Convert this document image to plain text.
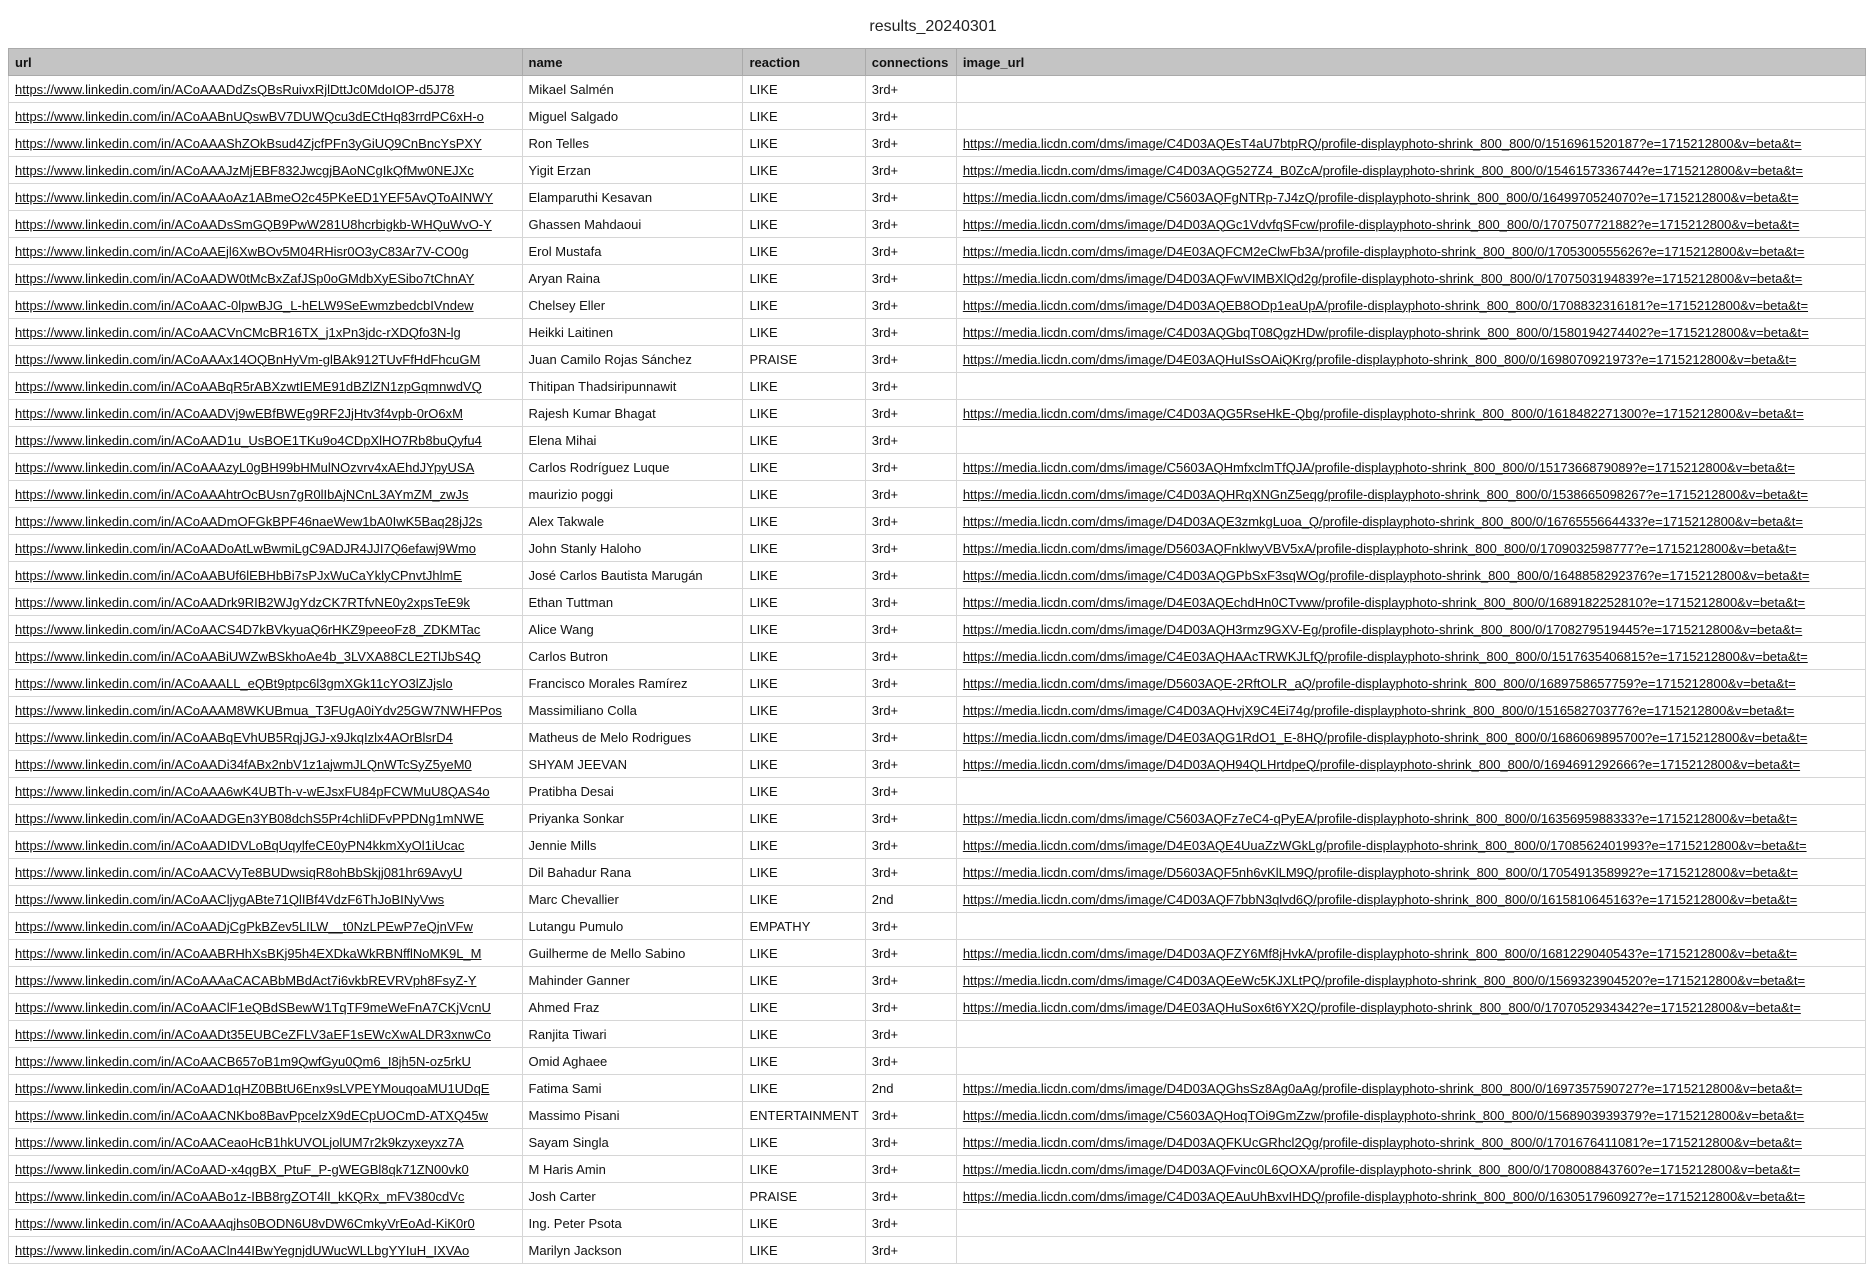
results_20240301
url	name	reaction	connections	image_url
https://www.linkedin.com/in/ACoAAADdZsQBsRuivxRjlDttJc0MdoIOP-d5J78	Mikael Salmén	LIKE	3rd+	
https://www.linkedin.com/in/ACoAABnUQswBV7DUWQcu3dECtHq83rrdPC6xH-o	Miguel Salgado	LIKE	3rd+	
https://www.linkedin.com/in/ACoAAAShZOkBsud4ZjcfPFn3yGiUQ9CnBncYsPXY	Ron Telles	LIKE	3rd+	https://media.licdn.com/dms/image/C4D03AQEsT4aU7btpRQ/profile-displayphoto-shrink_800_800/0/1516961520187?e=1715212800&v=beta&t=
https://www.linkedin.com/in/ACoAAAJzMjEBF832JwcgjBAoNCgIkQfMw0NEJXc	Yigit Erzan	LIKE	3rd+	https://media.licdn.com/dms/image/C4D03AQG527Z4_B0ZcA/profile-displayphoto-shrink_800_800/0/1546157336744?e=1715212800&v=beta&t=
https://www.linkedin.com/in/ACoAAAoAz1ABmeO2c45PKeED1YEF5AvQToAINWY	Elamparuthi Kesavan	LIKE	3rd+	https://media.licdn.com/dms/image/C5603AQFgNTRp-7J4zQ/profile-displayphoto-shrink_800_800/0/1649970524070?e=1715212800&v=beta&t=
https://www.linkedin.com/in/ACoAADsSmGQB9PwW281U8hcrbigkb-WHQuWvO-Y	Ghassen Mahdaoui	LIKE	3rd+	https://media.licdn.com/dms/image/D4D03AQGc1VdvfqSFcw/profile-displayphoto-shrink_800_800/0/1707507721882?e=1715212800&v=beta&t=
https://www.linkedin.com/in/ACoAAEjl6XwBOv5M04RHisr0O3yC83Ar7V-CO0g	Erol Mustafa	LIKE	3rd+	https://media.licdn.com/dms/image/D4E03AQFCM2eClwFb3A/profile-displayphoto-shrink_800_800/0/1705300555626?e=1715212800&v=beta&t=
https://www.linkedin.com/in/ACoAADW0tMcBxZafJSp0oGMdbXyESibo7tChnAY	Aryan Raina	LIKE	3rd+	https://media.licdn.com/dms/image/D4D03AQFwVIMBXlQd2g/profile-displayphoto-shrink_800_800/0/1707503194839?e=1715212800&v=beta&t=
https://www.linkedin.com/in/ACoAAC-0lpwBJG_L-hELW9SeEwmzbedcbIVndew	Chelsey Eller	LIKE	3rd+	https://media.licdn.com/dms/image/D4D03AQEB8ODp1eaUpA/profile-displayphoto-shrink_800_800/0/1708832316181?e=1715212800&v=beta&t=
https://www.linkedin.com/in/ACoAACVnCMcBR16TX_j1xPn3jdc-rXDQfo3N-lg	Heikki Laitinen	LIKE	3rd+	https://media.licdn.com/dms/image/C4D03AQGbqT08QgzHDw/profile-displayphoto-shrink_800_800/0/1580194274402?e=1715212800&v=beta&t=
https://www.linkedin.com/in/ACoAAAx14OQBnHyVm-glBAk912TUvFfHdFhcuGM	Juan Camilo Rojas Sánchez	PRAISE	3rd+	https://media.licdn.com/dms/image/D4E03AQHuISsOAiQKrg/profile-displayphoto-shrink_800_800/0/1698070921973?e=1715212800&v=beta&t=
https://www.linkedin.com/in/ACoAABqR5rABXzwtIEME91dBZlZN1zpGqmnwdVQ	Thitipan Thadsiripunnawit	LIKE	3rd+	
https://www.linkedin.com/in/ACoAADVj9wEBfBWEg9RF2JjHtv3f4vpb-0rO6xM	Rajesh Kumar Bhagat	LIKE	3rd+	https://media.licdn.com/dms/image/C4D03AQG5RseHkE-Qbg/profile-displayphoto-shrink_800_800/0/1618482271300?e=1715212800&v=beta&t=
https://www.linkedin.com/in/ACoAAD1u_UsBOE1TKu9o4CDpXlHO7Rb8buQyfu4	Elena Mihai	LIKE	3rd+	
https://www.linkedin.com/in/ACoAAAzyL0gBH99bHMulNOzvrv4xAEhdJYpyUSA	Carlos Rodríguez Luque	LIKE	3rd+	https://media.licdn.com/dms/image/C5603AQHmfxclmTfQJA/profile-displayphoto-shrink_800_800/0/1517366879089?e=1715212800&v=beta&t=
https://www.linkedin.com/in/ACoAAAhtrOcBUsn7gR0lIbAjNCnL3AYmZM_zwJs	maurizio poggi	LIKE	3rd+	https://media.licdn.com/dms/image/C4D03AQHRqXNGnZ5eqg/profile-displayphoto-shrink_800_800/0/1538665098267?e=1715212800&v=beta&t=
https://www.linkedin.com/in/ACoAADmOFGkBPF46naeWew1bA0IwK5Baq28jJ2s	Alex Takwale	LIKE	3rd+	https://media.licdn.com/dms/image/D4D03AQE3zmkgLuoa_Q/profile-displayphoto-shrink_800_800/0/1676555664433?e=1715212800&v=beta&t=
https://www.linkedin.com/in/ACoAADoAtLwBwmiLgC9ADJR4JJI7Q6efawj9Wmo	John Stanly Haloho	LIKE	3rd+	https://media.licdn.com/dms/image/D5603AQFnklwyVBV5xA/profile-displayphoto-shrink_800_800/0/1709032598777?e=1715212800&v=beta&t=
https://www.linkedin.com/in/ACoAABUf6lEBHbBi7sPJxWuCaYklyCPnvtJhlmE	José Carlos Bautista Marugán	LIKE	3rd+	https://media.licdn.com/dms/image/C4D03AQGPbSxF3sqWOg/profile-displayphoto-shrink_800_800/0/1648858292376?e=1715212800&v=beta&t=
https://www.linkedin.com/in/ACoAADrk9RIB2WJgYdzCK7RTfvNE0y2xpsTeE9k	Ethan Tuttman	LIKE	3rd+	https://media.licdn.com/dms/image/D4E03AQEchdHn0CTvww/profile-displayphoto-shrink_800_800/0/1689182252810?e=1715212800&v=beta&t=
https://www.linkedin.com/in/ACoAACS4D7kBVkyuaQ6rHKZ9peeoFz8_ZDKMTac	Alice Wang	LIKE	3rd+	https://media.licdn.com/dms/image/D4D03AQH3rmz9GXV-Eg/profile-displayphoto-shrink_800_800/0/1708279519445?e=1715212800&v=beta&t=
https://www.linkedin.com/in/ACoAABiUWZwBSkhoAe4b_3LVXA88CLE2TlJbS4Q	Carlos Butron	LIKE	3rd+	https://media.licdn.com/dms/image/C4E03AQHAAcTRWKJLfQ/profile-displayphoto-shrink_800_800/0/1517635406815?e=1715212800&v=beta&t=
https://www.linkedin.com/in/ACoAAALL_eQBt9ptpc6l3gmXGk11cYO3lZJjslo	Francisco Morales Ramírez	LIKE	3rd+	https://media.licdn.com/dms/image/D5603AQE-2RftOLR_aQ/profile-displayphoto-shrink_800_800/0/1689758657759?e=1715212800&v=beta&t=
https://www.linkedin.com/in/ACoAAAM8WKUBmua_T3FUgA0iYdv25GW7NWHFPos	Massimiliano Colla	LIKE	3rd+	https://media.licdn.com/dms/image/C4D03AQHvjX9C4Ei74g/profile-displayphoto-shrink_800_800/0/1516582703776?e=1715212800&v=beta&t=
https://www.linkedin.com/in/ACoAABqEVhUB5RqjJGJ-x9JkqIzlx4AOrBlsrD4	Matheus de Melo Rodrigues	LIKE	3rd+	https://media.licdn.com/dms/image/D4E03AQG1RdO1_E-8HQ/profile-displayphoto-shrink_800_800/0/1686069895700?e=1715212800&v=beta&t=
https://www.linkedin.com/in/ACoAADi34fABx2nbV1z1ajwmJLQnWTcSyZ5yeM0	SHYAM JEEVAN	LIKE	3rd+	https://media.licdn.com/dms/image/D4D03AQH94QLHrtdpeQ/profile-displayphoto-shrink_800_800/0/1694691292666?e=1715212800&v=beta&t=
https://www.linkedin.com/in/ACoAAA6wK4UBTh-v-wEJsxFU84pFCWMuU8QAS4o	Pratibha Desai	LIKE	3rd+	
https://www.linkedin.com/in/ACoAADGEn3YB08dchS5Pr4chliDFvPPDNg1mNWE	Priyanka Sonkar	LIKE	3rd+	https://media.licdn.com/dms/image/C5603AQFz7eC4-qPyEA/profile-displayphoto-shrink_800_800/0/1635695988333?e=1715212800&v=beta&t=
https://www.linkedin.com/in/ACoAADIDVLoBqUqylfeCE0yPN4kkmXyOl1iUcac	Jennie Mills	LIKE	3rd+	https://media.licdn.com/dms/image/D4E03AQE4UuaZzWGkLg/profile-displayphoto-shrink_800_800/0/1708562401993?e=1715212800&v=beta&t=
https://www.linkedin.com/in/ACoAACVyTe8BUDwsiqR8ohBbSkjj081hr69AvyU	Dil Bahadur Rana	LIKE	3rd+	https://media.licdn.com/dms/image/D5603AQF5nh6vKlLM9Q/profile-displayphoto-shrink_800_800/0/1705491358992?e=1715212800&v=beta&t=
https://www.linkedin.com/in/ACoAACljygABte71QlIBf4VdzF6ThJoBINyVws	Marc Chevallier	LIKE	2nd	https://media.licdn.com/dms/image/C4D03AQF7bbN3qlvd6Q/profile-displayphoto-shrink_800_800/0/1615810645163?e=1715212800&v=beta&t=
https://www.linkedin.com/in/ACoAADjCgPkBZev5LILW__t0NzLPEwP7eQjnVFw	Lutangu Pumulo	EMPATHY	3rd+	
https://www.linkedin.com/in/ACoAABRHhXsBKj95h4EXDkaWkRBNfflNoMK9L_M	Guilherme de Mello Sabino	LIKE	3rd+	https://media.licdn.com/dms/image/D4D03AQFZY6Mf8jHvkA/profile-displayphoto-shrink_800_800/0/1681229040543?e=1715212800&v=beta&t=
https://www.linkedin.com/in/ACoAAAaCACABbMBdAct7i6vkbREVRVph8FsyZ-Y	Mahinder Ganner	LIKE	3rd+	https://media.licdn.com/dms/image/C4D03AQEeWc5KJXLtPQ/profile-displayphoto-shrink_800_800/0/1569323904520?e=1715212800&v=beta&t=
https://www.linkedin.com/in/ACoAAClF1eQBdSBewW1TqTF9meWeFnA7CKjVcnU	Ahmed Fraz	LIKE	3rd+	https://media.licdn.com/dms/image/D4E03AQHuSox6t6YX2Q/profile-displayphoto-shrink_800_800/0/1707052934342?e=1715212800&v=beta&t=
https://www.linkedin.com/in/ACoAADt35EUBCeZFLV3aEF1sEWcXwALDR3xnwCo	Ranjita Tiwari	LIKE	3rd+	
https://www.linkedin.com/in/ACoAACB657oB1m9QwfGyu0Qm6_I8jh5N-oz5rkU	Omid Aghaee	LIKE	3rd+	
https://www.linkedin.com/in/ACoAAD1qHZ0BBtU6Enx9sLVPEYMouqoaMU1UDqE	Fatima Sami	LIKE	2nd	https://media.licdn.com/dms/image/D4D03AQGhsSz8Ag0aAg/profile-displayphoto-shrink_800_800/0/1697357590727?e=1715212800&v=beta&t=
https://www.linkedin.com/in/ACoAACNKbo8BavPpcelzX9dECpUOCmD-ATXQ45w	Massimo Pisani	ENTERTAINMENT	3rd+	https://media.licdn.com/dms/image/C5603AQHoqTOi9GmZzw/profile-displayphoto-shrink_800_800/0/1568903939379?e=1715212800&v=beta&t=
https://www.linkedin.com/in/ACoAACeaoHcB1hkUVOLjolUM7r2k9kzyxeyxz7A	Sayam Singla	LIKE	3rd+	https://media.licdn.com/dms/image/D4D03AQFKUcGRhcl2Qg/profile-displayphoto-shrink_800_800/0/1701676411081?e=1715212800&v=beta&t=
https://www.linkedin.com/in/ACoAAD-x4qgBX_PtuF_P-gWEGBl8qk71ZN00vk0	M Haris Amin	LIKE	3rd+	https://media.licdn.com/dms/image/D4D03AQFvinc0L6QOXA/profile-displayphoto-shrink_800_800/0/1708008843760?e=1715212800&v=beta&t=
https://www.linkedin.com/in/ACoAABo1z-IBB8rgZOT4lI_kKQRx_mFV380cdVc	Josh Carter	PRAISE	3rd+	https://media.licdn.com/dms/image/C4D03AQEAuUhBxvIHDQ/profile-displayphoto-shrink_800_800/0/1630517960927?e=1715212800&v=beta&t=
https://www.linkedin.com/in/ACoAAAqjhs0BODN6U8vDW6CmkyVrEoAd-KiK0r0	Ing. Peter Psota	LIKE	3rd+	
https://www.linkedin.com/in/ACoAACln44IBwYegnjdUWucWLLbgYYIuH_IXVAo	Marilyn Jackson	LIKE	3rd+	
